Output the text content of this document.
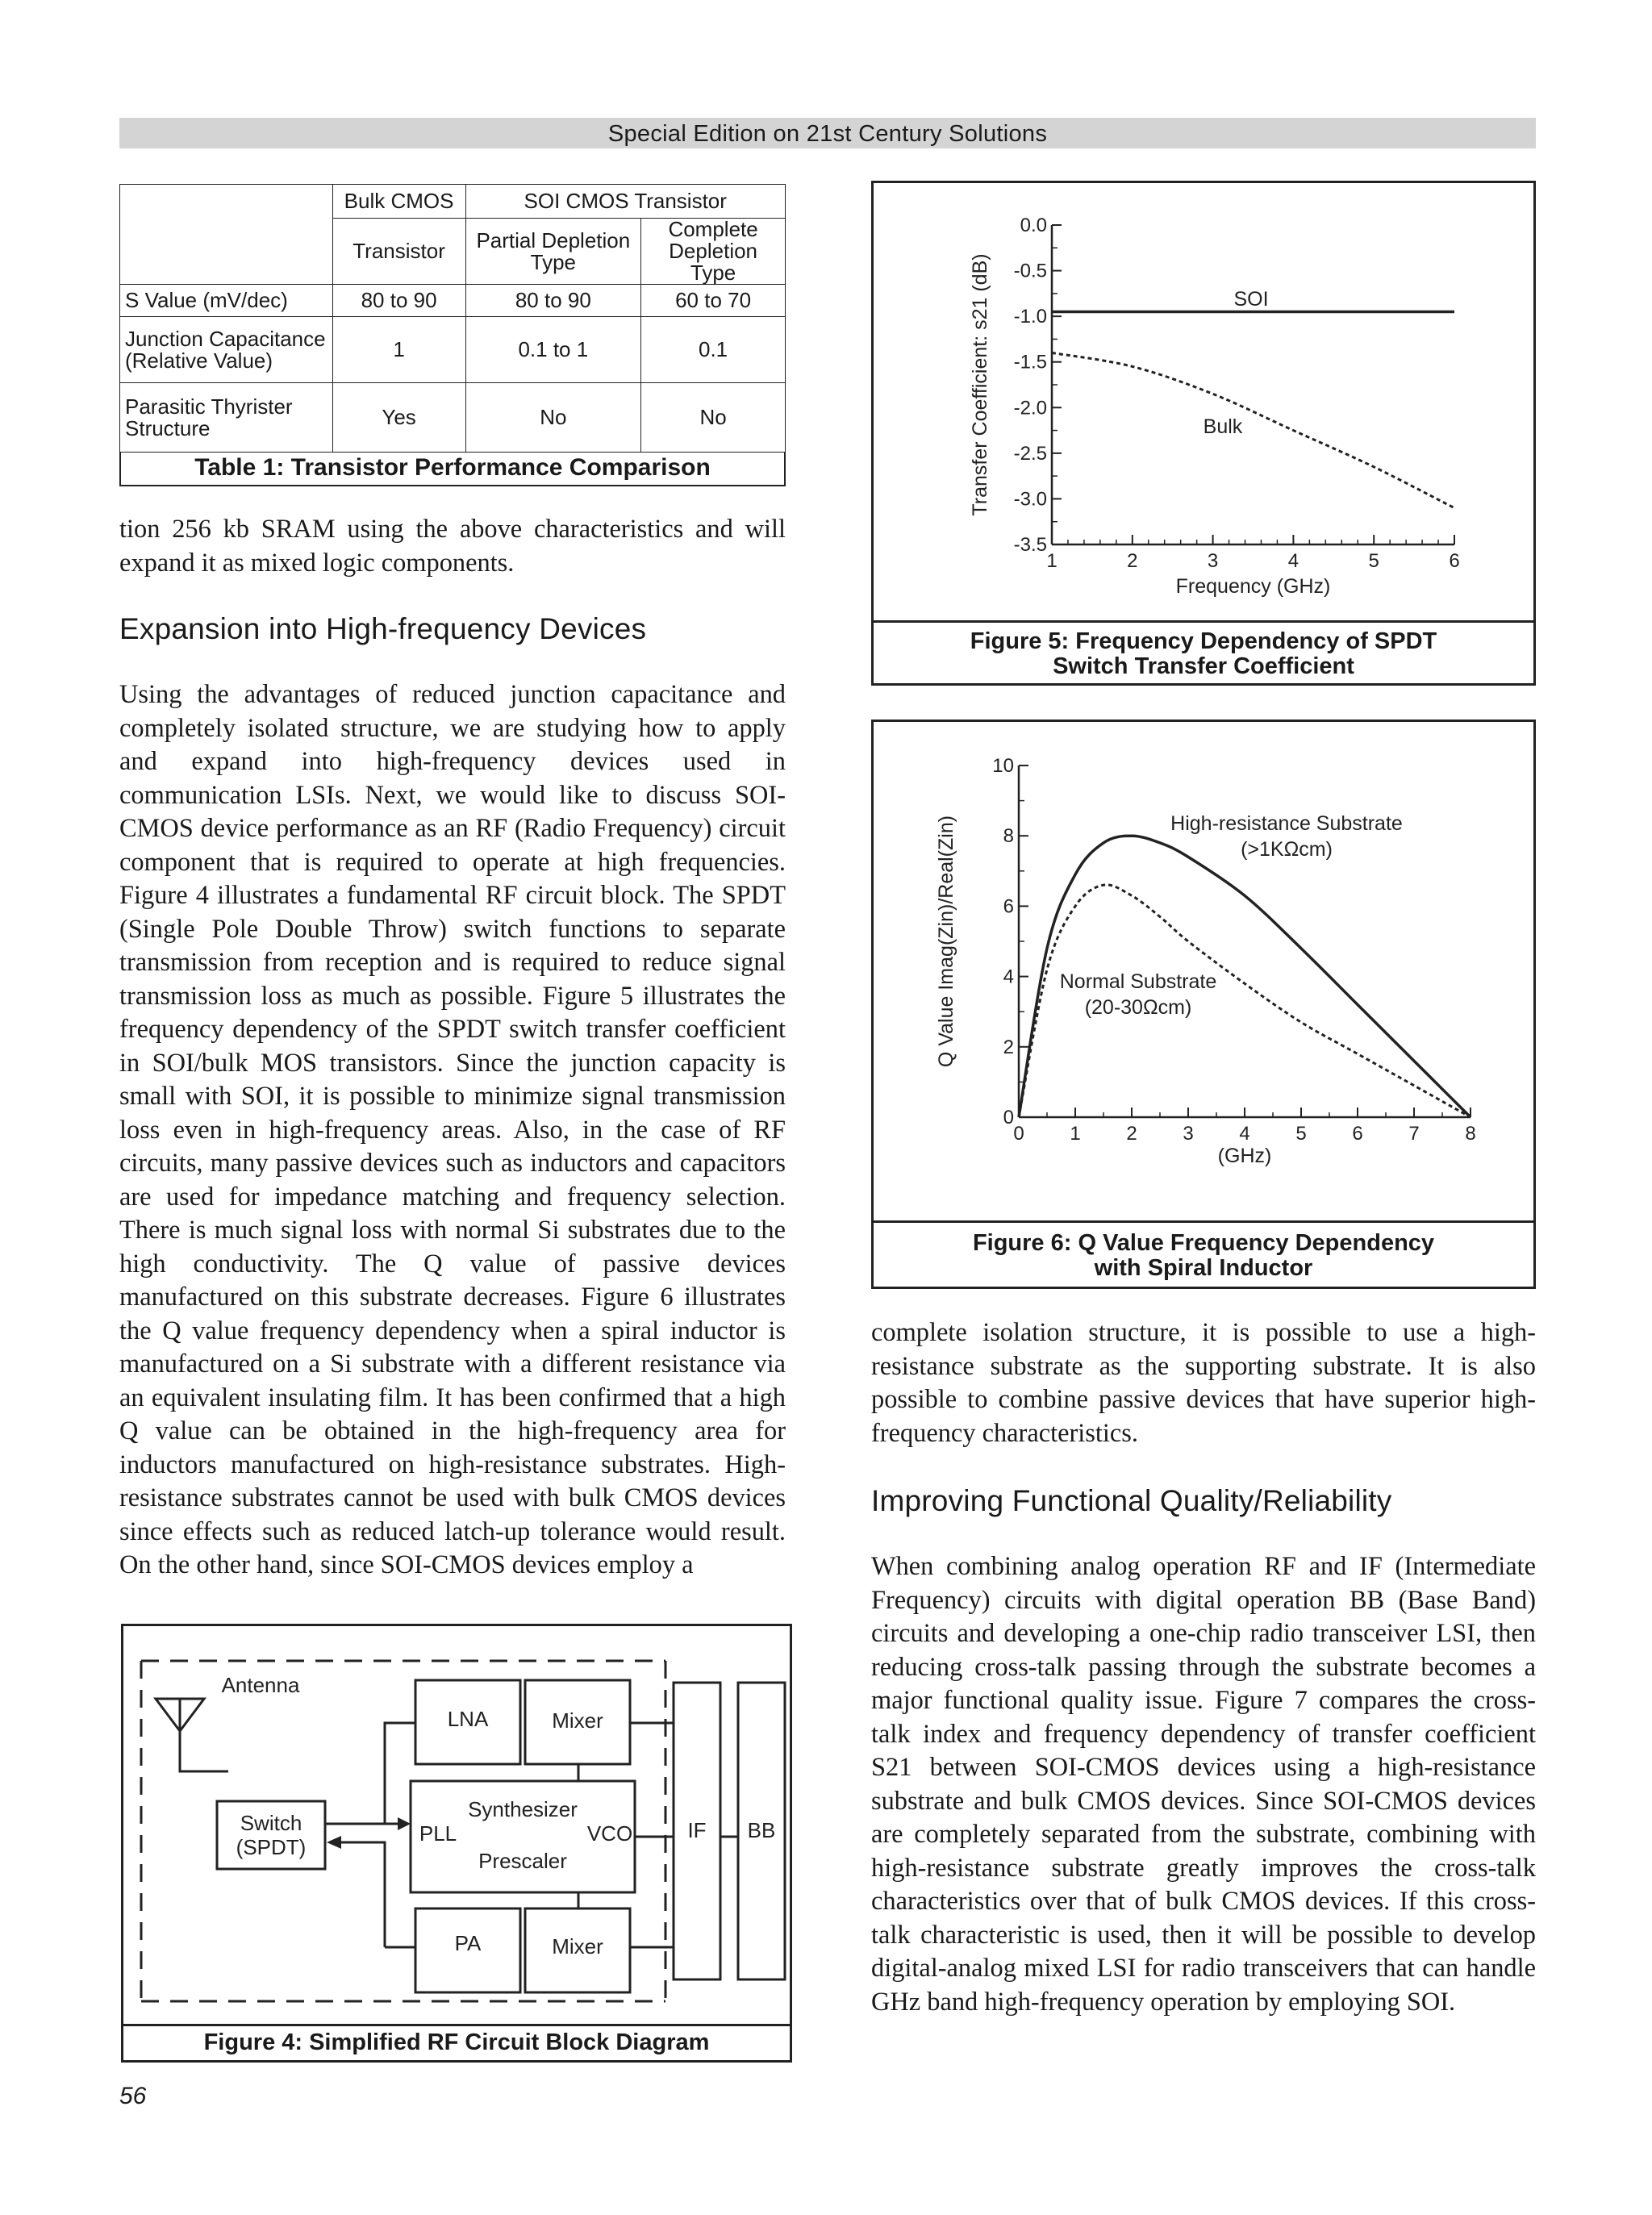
Special Edition on 21st Century Solutions
	Bulk CMOS	SOI CMOS Transistor	
	Transistor	Partial Depletion Type	Complete Depletion Type
S Value (mV/dec)	80 to 90	80 to 90	60 to 70
Junction Capacitance (Relative Value)	1	0.1 to 1	0.1
Parasitic Thyrister Structure	Yes	No	No
Table 1: Transistor Performance Comparison

tion 256 kb SRAM using the above characteristics and will expand it as mixed logic components.

Expansion into High-frequency Devices

Using the advantages of reduced junction capacitance and completely isolated structure, we are studying how to apply and expand into high-frequency devices used in communication LSIs. Next, we would like to discuss SOI-CMOS device performance as an RF (Radio Frequency) circuit component that is required to operate at high frequencies. Figure 4 illustrates a fundamental RF circuit block. The SPDT (Single Pole Double Throw) switch functions to separate transmission from reception and is required to reduce signal transmission loss as much as possible. Figure 5 illustrates the frequency dependency of the SPDT switch transfer coefficient in SOI/bulk MOS transistors. Since the junction capacity is small with SOI, it is possible to minimize signal transmission loss even in high-frequency areas. Also, in the case of RF circuits, many passive devices such as inductors and capacitors are used for impedance matching and frequency selection. There is much signal loss with normal Si substrates due to the high conductivity. The Q value of passive devices manufactured on this substrate decreases. Figure 6 illustrates the Q value frequency dependency when a spiral inductor is manufactured on a Si substrate with a different resistance via an equivalent insulating film. It has been confirmed that a high Q value can be obtained in the high-frequency area for inductors manufactured on high-resistance substrates. High-resistance substrates cannot be used with bulk CMOS devices since effects such as reduced latch-up tolerance would result. On the other hand, since SOI-CMOS devices employ a

Antenna
Switch
(SPDT)
LNA	Mixer
Synthesizer
PLL	VCO
Prescaler
PA	Mixer
IF BB
Figure 4: Simplified RF Circuit Block Diagram
0.0
-0.5
-1.0
-1.5
-2.0
-2.5
-3.0
-3.5
1	2	3	4	5	6
Frequency (GHz)
Transfer Coefficient: s21 (dB)	SOI
Bulk
Figure 5: Frequency Dependency of SPDT
Switch Transfer Coefficient
0
2
4
6
8
10
0 1 2 3 4 5 6 7 8
(GHz)
Q Value Imag(Zin)/Real(Zin)	High-resistance Substrate
(>1KΩcm)
Normal Substrate
(20-30Ωcm)
Figure 6: Q Value Frequency Dependency
with Spiral Inductor

complete isolation structure, it is possible to use a high-resistance substrate as the supporting substrate. It is also possible to combine passive devices that have superior high-frequency characteristics.

Improving Functional Quality/Reliability

When combining analog operation RF and IF (Intermediate Frequency) circuits with digital operation BB (Base Band) circuits and developing a one-chip radio transceiver LSI, then reducing cross-talk passing through the substrate becomes a major functional quality issue. Figure 7 compares the cross-talk index and frequency dependency of transfer coefficient S21 between SOI-CMOS devices using a high-resistance substrate and bulk CMOS devices. Since SOI-CMOS devices are completely separated from the substrate, combining with high-resistance substrate greatly improves the cross-talk characteristics over that of bulk CMOS devices. If this cross-talk characteristic is used, then it will be possible to develop digital-analog mixed LSI for radio transceivers that can handle GHz band high-frequency operation by employing SOI.

56
